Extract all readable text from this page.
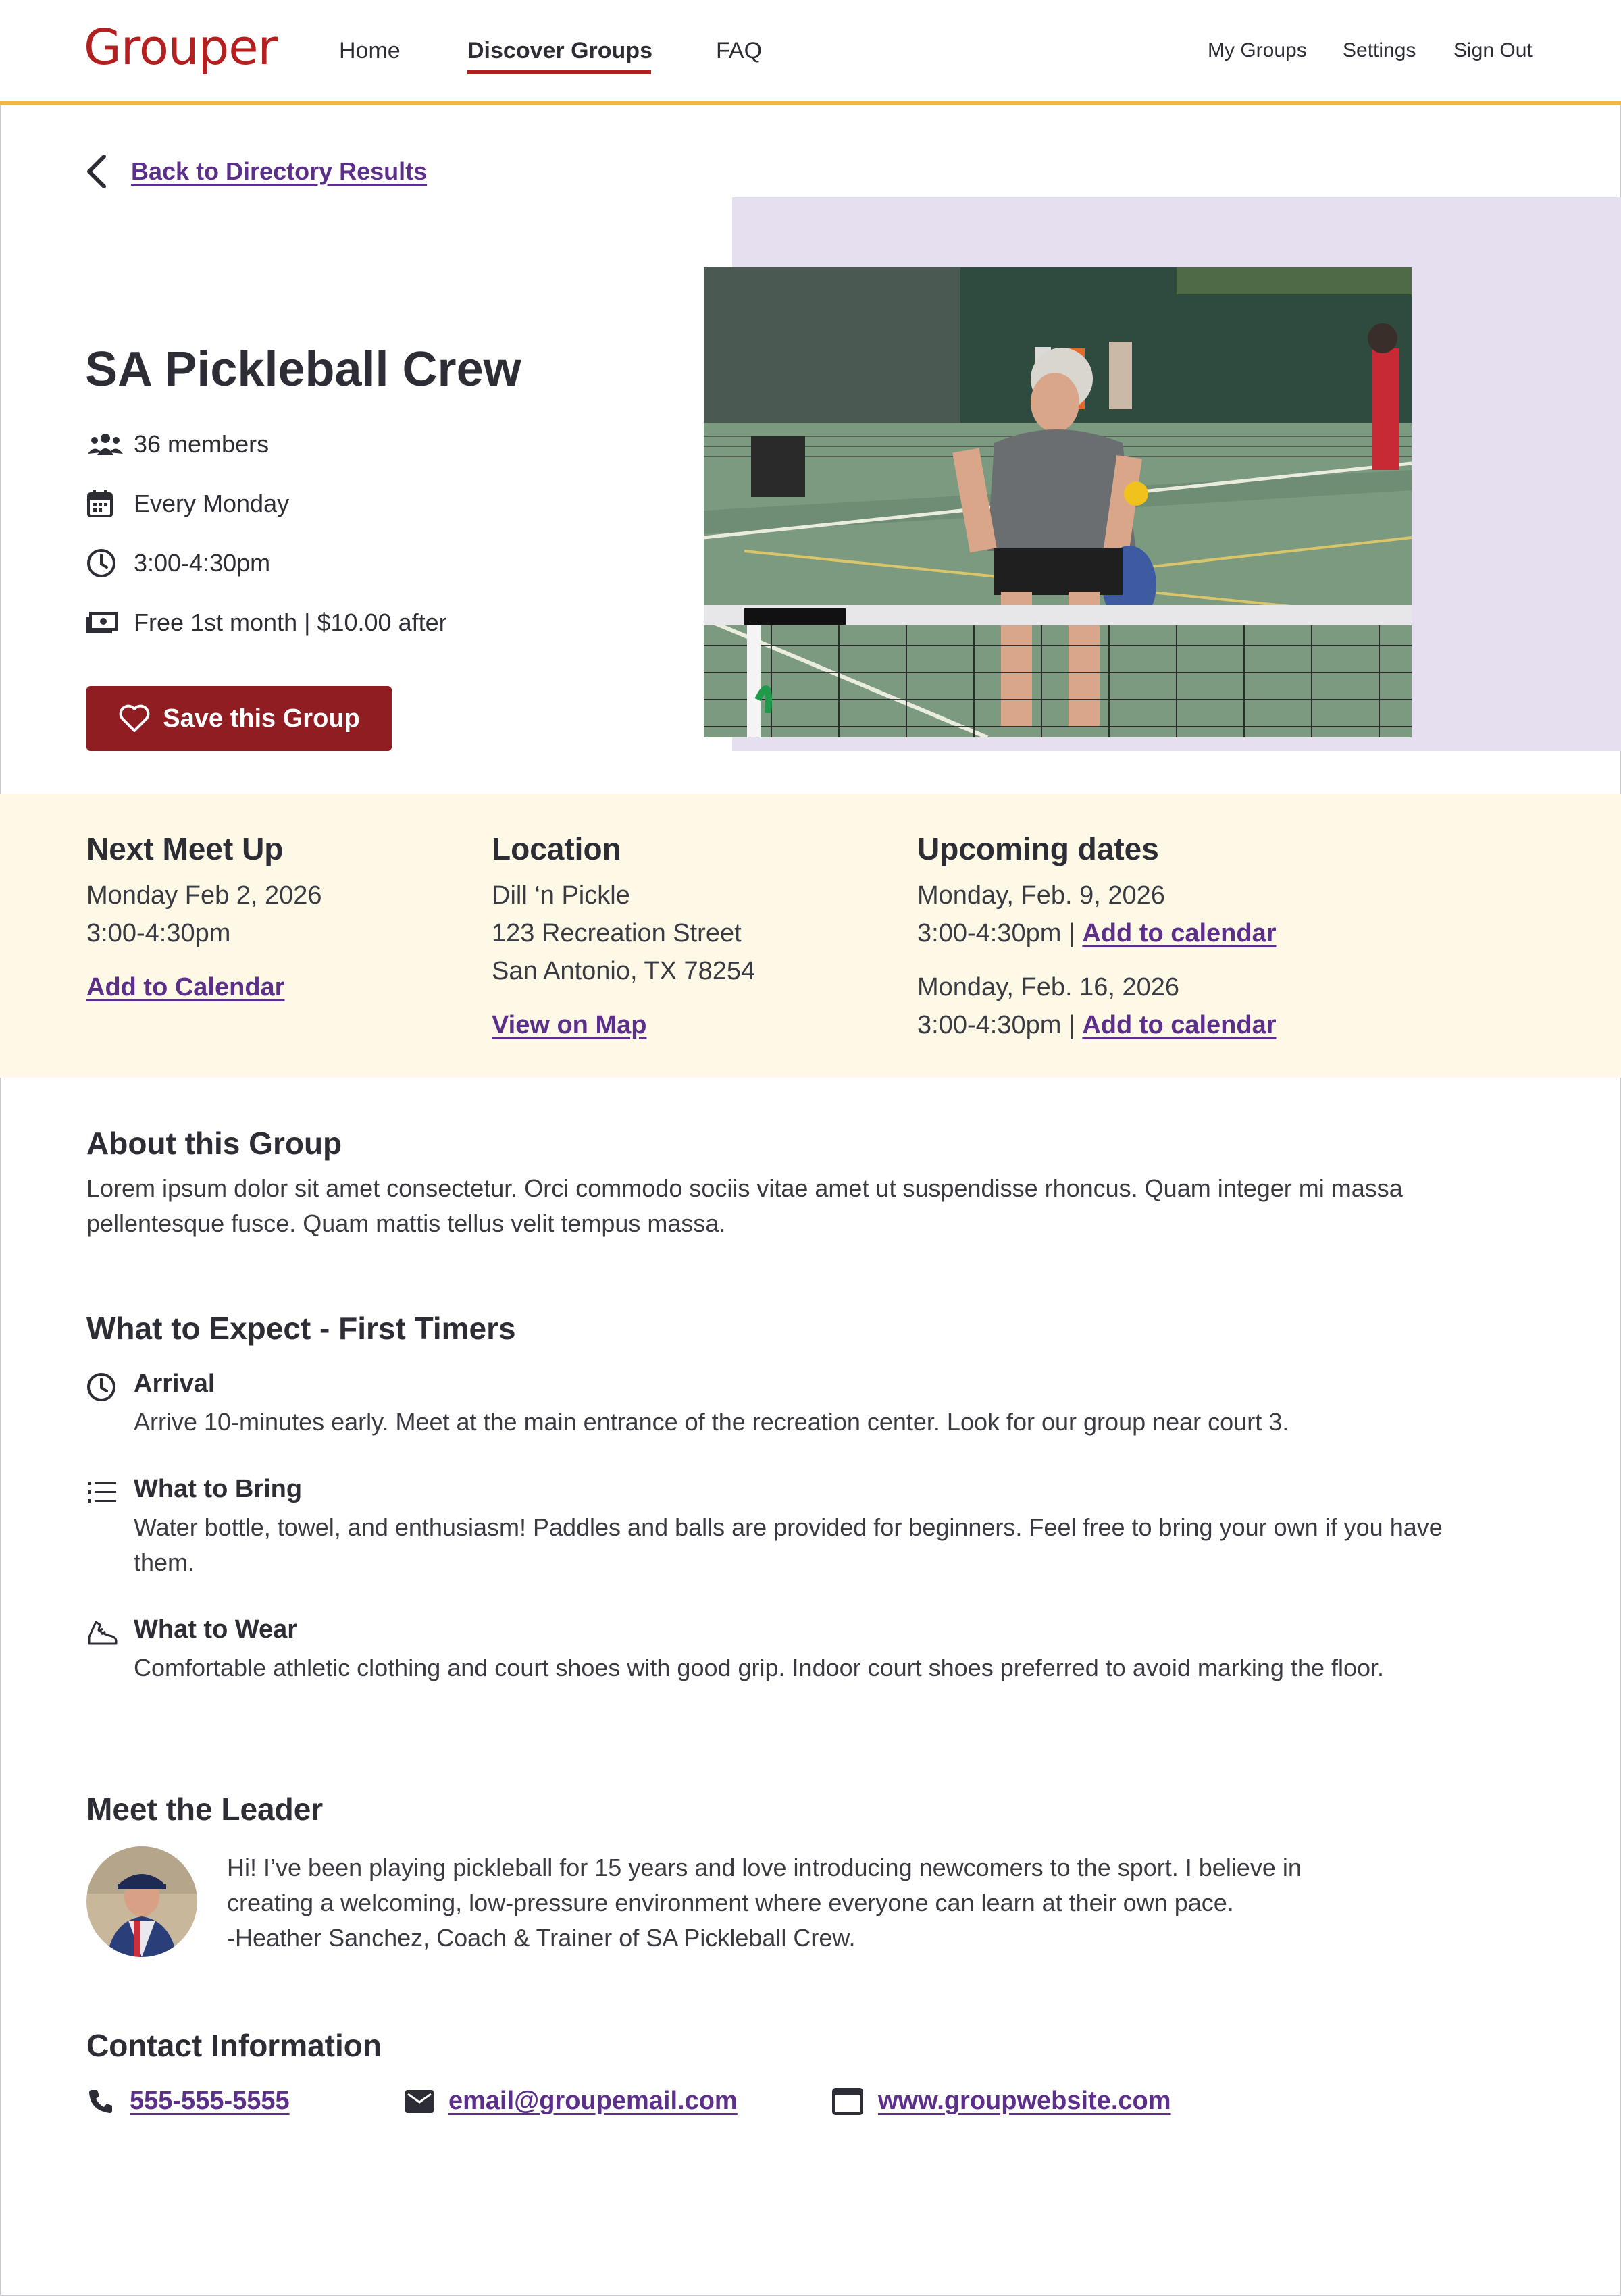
Grouper	Home	Discover Groups	FAQ	My Groups Settings Sign Out
Back to Directory Results
SA Pickleball Crew
36 members
Every Monday
3:00-4:30pm
Free 1st month | $10.00 after
Save this Group
Next Meet Up
Monday Feb 2, 2026
3:00-4:30pm
Add to Calendar
Location
Dill ‘n Pickle
123 Recreation Street
San Antonio, TX 78254
View on Map
Upcoming dates
Monday, Feb. 9, 2026
3:00-4:30pm | Add to calendar
Monday, Feb. 16, 2026
3:00-4:30pm | Add to calendar
About this Group
Lorem ipsum dolor sit amet consectetur. Orci commodo sociis vitae amet ut suspendisse rhoncus. Quam integer mi massa pellentesque fusce. Quam mattis tellus velit tempus massa.
What to Expect - First Timers
Arrival
Arrive 10-minutes early. Meet at the main entrance of the recreation center. Look for our group near court 3.
What to Bring
Water bottle, towel, and enthusiasm! Paddles and balls are provided for beginners. Feel free to bring your own if you have them.
What to Wear
Comfortable athletic clothing and court shoes with good grip. Indoor court shoes preferred to avoid marking the floor.
Meet the Leader
Hi! I’ve been playing pickleball for 15 years and love introducing newcomers to the sport. I believe in
creating a welcoming, low-pressure environment where everyone can learn at their own pace.
-Heather Sanchez, Coach & Trainer of SA Pickleball Crew.
Contact Information
555-555-5555	email@groupemail.com	www.groupwebsite.com
